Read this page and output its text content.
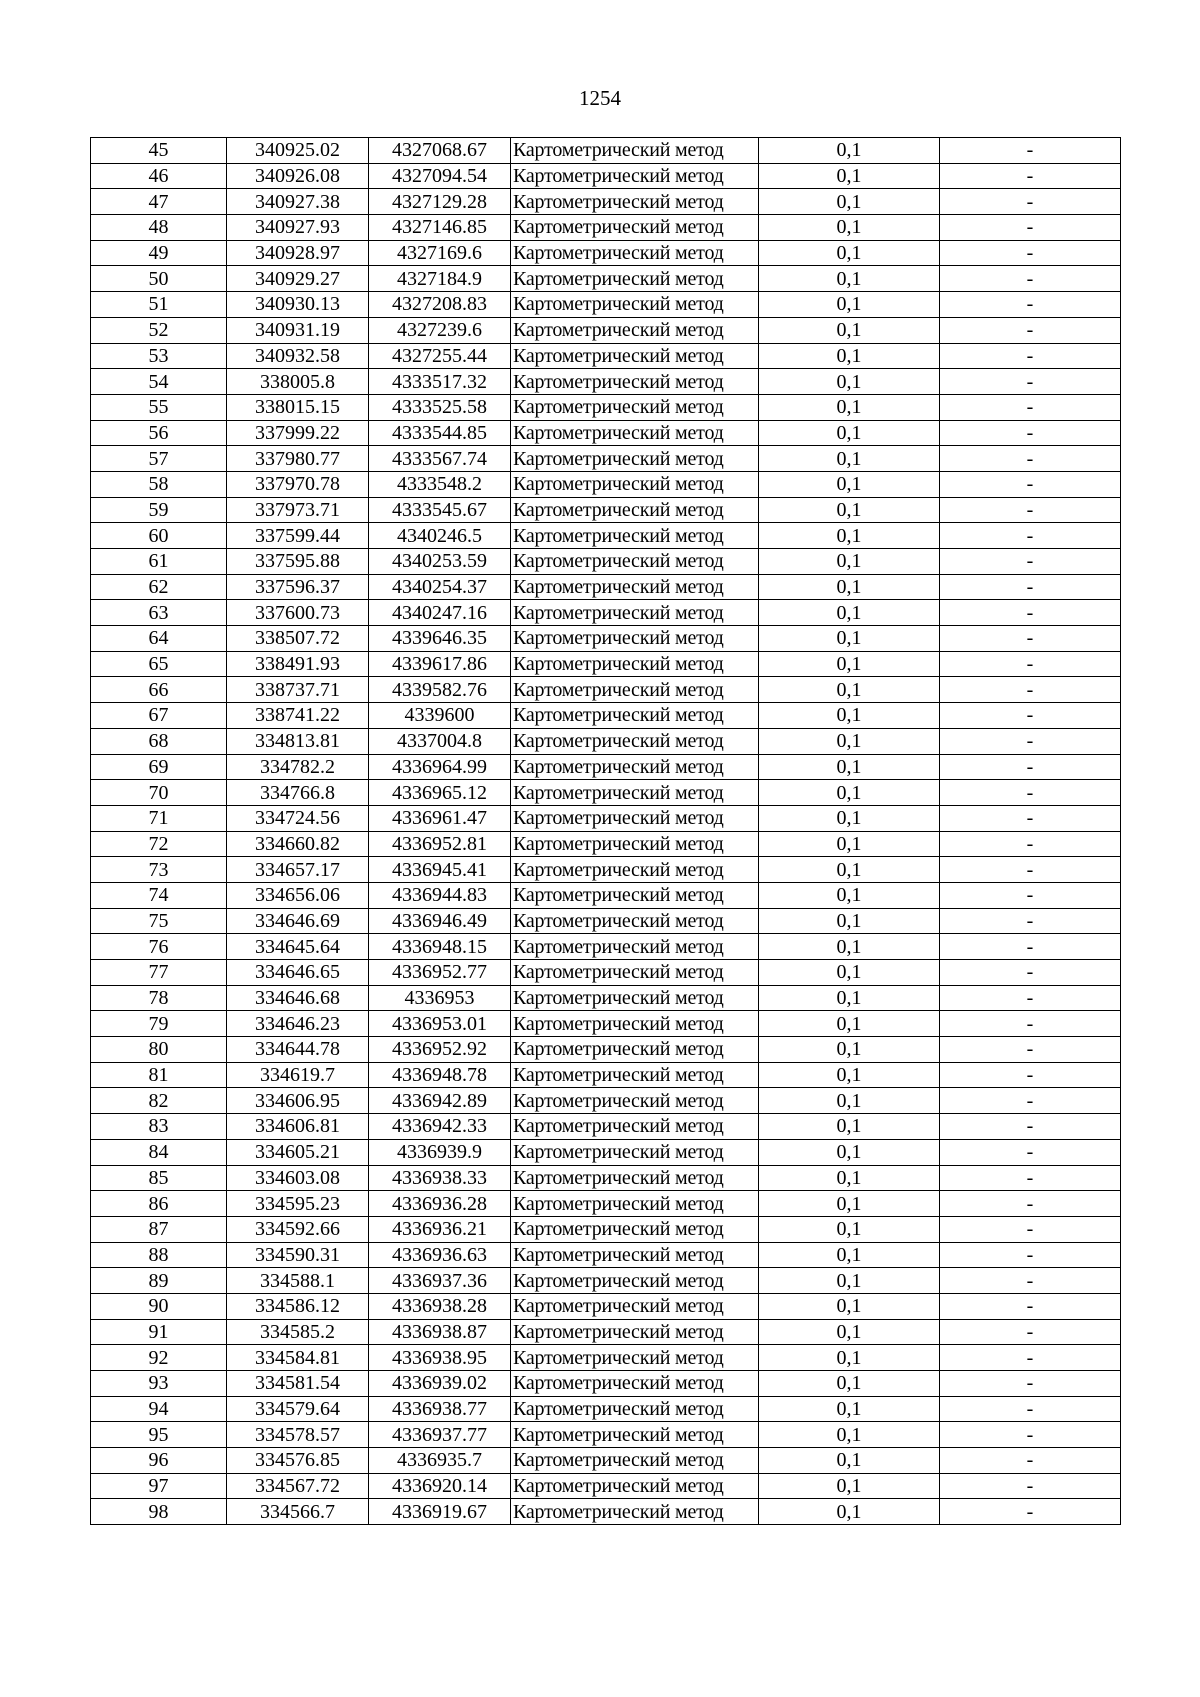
1254
45	340925.02	4327068.67	Картометрический метод	0,1	-
46	340926.08	4327094.54	Картометрический метод	0,1	-
47	340927.38	4327129.28	Картометрический метод	0,1	-
48	340927.93	4327146.85	Картометрический метод	0,1	-
49	340928.97	4327169.6	Картометрический метод	0,1	-
50	340929.27	4327184.9	Картометрический метод	0,1	-
51	340930.13	4327208.83	Картометрический метод	0,1	-
52	340931.19	4327239.6	Картометрический метод	0,1	-
53	340932.58	4327255.44	Картометрический метод	0,1	-
54	338005.8	4333517.32	Картометрический метод	0,1	-
55	338015.15	4333525.58	Картометрический метод	0,1	-
56	337999.22	4333544.85	Картометрический метод	0,1	-
57	337980.77	4333567.74	Картометрический метод	0,1	-
58	337970.78	4333548.2	Картометрический метод	0,1	-
59	337973.71	4333545.67	Картометрический метод	0,1	-
60	337599.44	4340246.5	Картометрический метод	0,1	-
61	337595.88	4340253.59	Картометрический метод	0,1	-
62	337596.37	4340254.37	Картометрический метод	0,1	-
63	337600.73	4340247.16	Картометрический метод	0,1	-
64	338507.72	4339646.35	Картометрический метод	0,1	-
65	338491.93	4339617.86	Картометрический метод	0,1	-
66	338737.71	4339582.76	Картометрический метод	0,1	-
67	338741.22	4339600	Картометрический метод	0,1	-
68	334813.81	4337004.8	Картометрический метод	0,1	-
69	334782.2	4336964.99	Картометрический метод	0,1	-
70	334766.8	4336965.12	Картометрический метод	0,1	-
71	334724.56	4336961.47	Картометрический метод	0,1	-
72	334660.82	4336952.81	Картометрический метод	0,1	-
73	334657.17	4336945.41	Картометрический метод	0,1	-
74	334656.06	4336944.83	Картометрический метод	0,1	-
75	334646.69	4336946.49	Картометрический метод	0,1	-
76	334645.64	4336948.15	Картометрический метод	0,1	-
77	334646.65	4336952.77	Картометрический метод	0,1	-
78	334646.68	4336953	Картометрический метод	0,1	-
79	334646.23	4336953.01	Картометрический метод	0,1	-
80	334644.78	4336952.92	Картометрический метод	0,1	-
81	334619.7	4336948.78	Картометрический метод	0,1	-
82	334606.95	4336942.89	Картометрический метод	0,1	-
83	334606.81	4336942.33	Картометрический метод	0,1	-
84	334605.21	4336939.9	Картометрический метод	0,1	-
85	334603.08	4336938.33	Картометрический метод	0,1	-
86	334595.23	4336936.28	Картометрический метод	0,1	-
87	334592.66	4336936.21	Картометрический метод	0,1	-
88	334590.31	4336936.63	Картометрический метод	0,1	-
89	334588.1	4336937.36	Картометрический метод	0,1	-
90	334586.12	4336938.28	Картометрический метод	0,1	-
91	334585.2	4336938.87	Картометрический метод	0,1	-
92	334584.81	4336938.95	Картометрический метод	0,1	-
93	334581.54	4336939.02	Картометрический метод	0,1	-
94	334579.64	4336938.77	Картометрический метод	0,1	-
95	334578.57	4336937.77	Картометрический метод	0,1	-
96	334576.85	4336935.7	Картометрический метод	0,1	-
97	334567.72	4336920.14	Картометрический метод	0,1	-
98	334566.7	4336919.67	Картометрический метод	0,1	-
